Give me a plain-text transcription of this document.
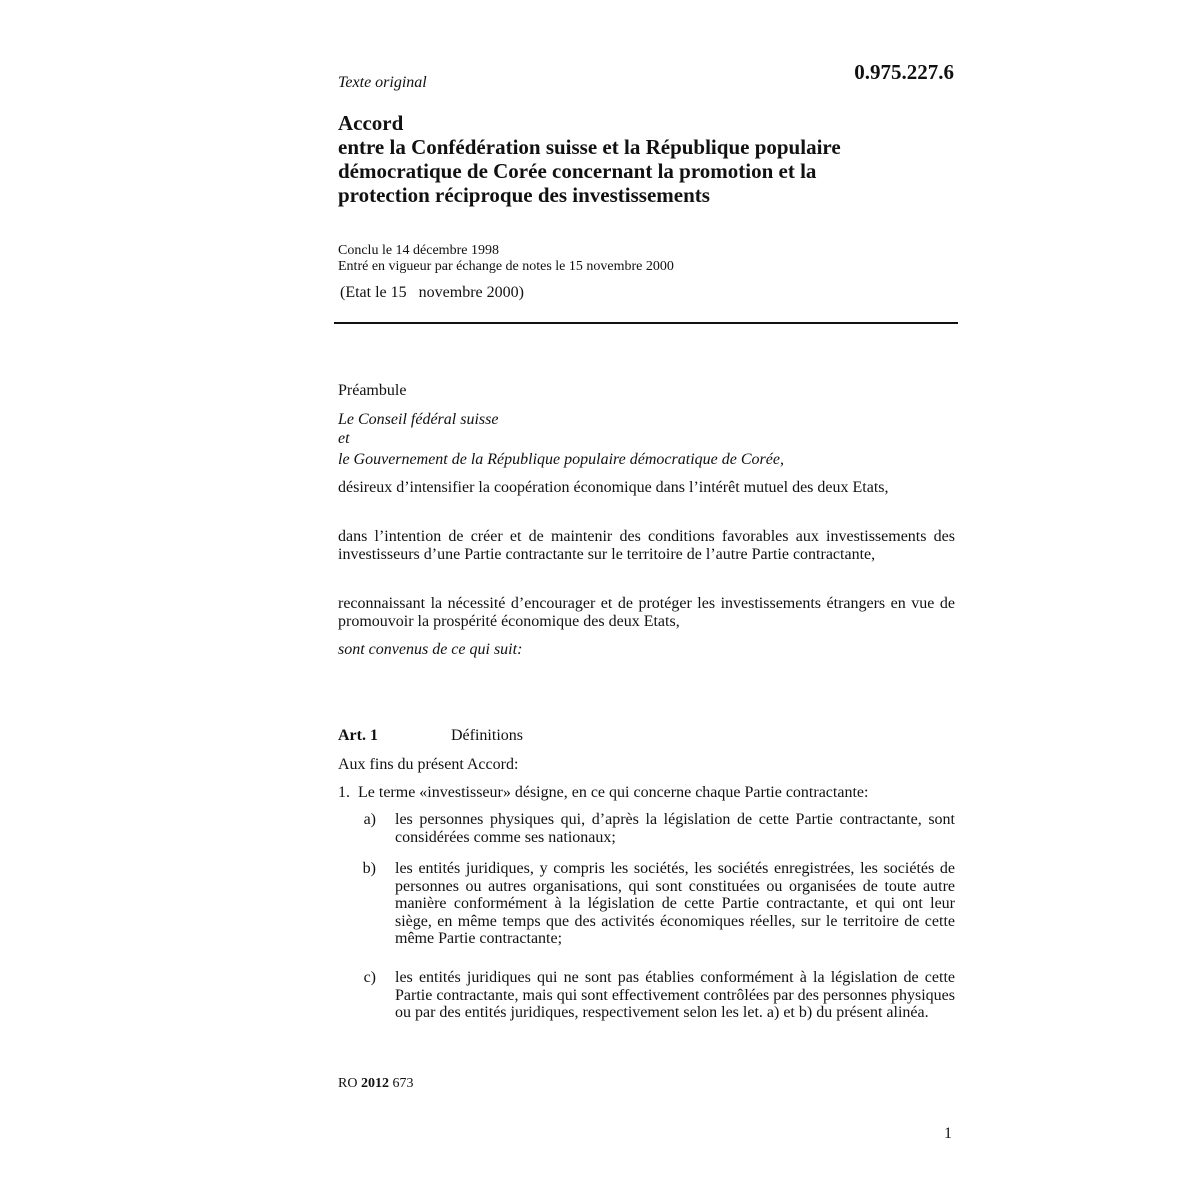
Texte original	0.975.227.6
Accord
entre la Confédération suisse et la République populaire
démocratique de Corée concernant la promotion et la
protection réciproque des investissements
Conclu le 14 décembre 1998
Entré en vigueur par échange de notes le 15 novembre 2000
(Etat le 15   novembre 2000)
Préambule
Le Conseil fédéral suisse
et
le Gouvernement de la République populaire démocratique de Corée,
désireux d’intensifier la coopération économique dans l’intérêt mutuel des deux Etats,
dans l’intention de créer et de maintenir des conditions favorables aux investissements des investisseurs d’une Partie contractante sur le territoire de l’autre Partie contractante,
reconnaissant la nécessité d’encourager et de protéger les investissements étrangers en vue de promouvoir la prospérité économique des deux Etats,
sont convenus de ce qui suit:
Art. 1	Définitions
Aux fins du présent Accord:
1.  Le terme «investisseur» désigne, en ce qui concerne chaque Partie contractante:
a) les personnes physiques qui, d’après la législation de cette Partie contractante, sont considérées comme ses nationaux;
b) les entités juridiques, y compris les sociétés, les sociétés enregistrées, les sociétés de personnes ou autres organisations, qui sont constituées ou organisées de toute autre manière conformément à la législation de cette Partie contractante, et qui ont leur siège, en même temps que des activités économiques réelles, sur le territoire de cette même Partie contractante;
c) les entités juridiques qui ne sont pas établies conformément à la législation de cette Partie contractante, mais qui sont effectivement contrôlées par des personnes physiques ou par des entités juridiques, respectivement selon les let. a) et b) du présent alinéa.
RO 2012 673
1
